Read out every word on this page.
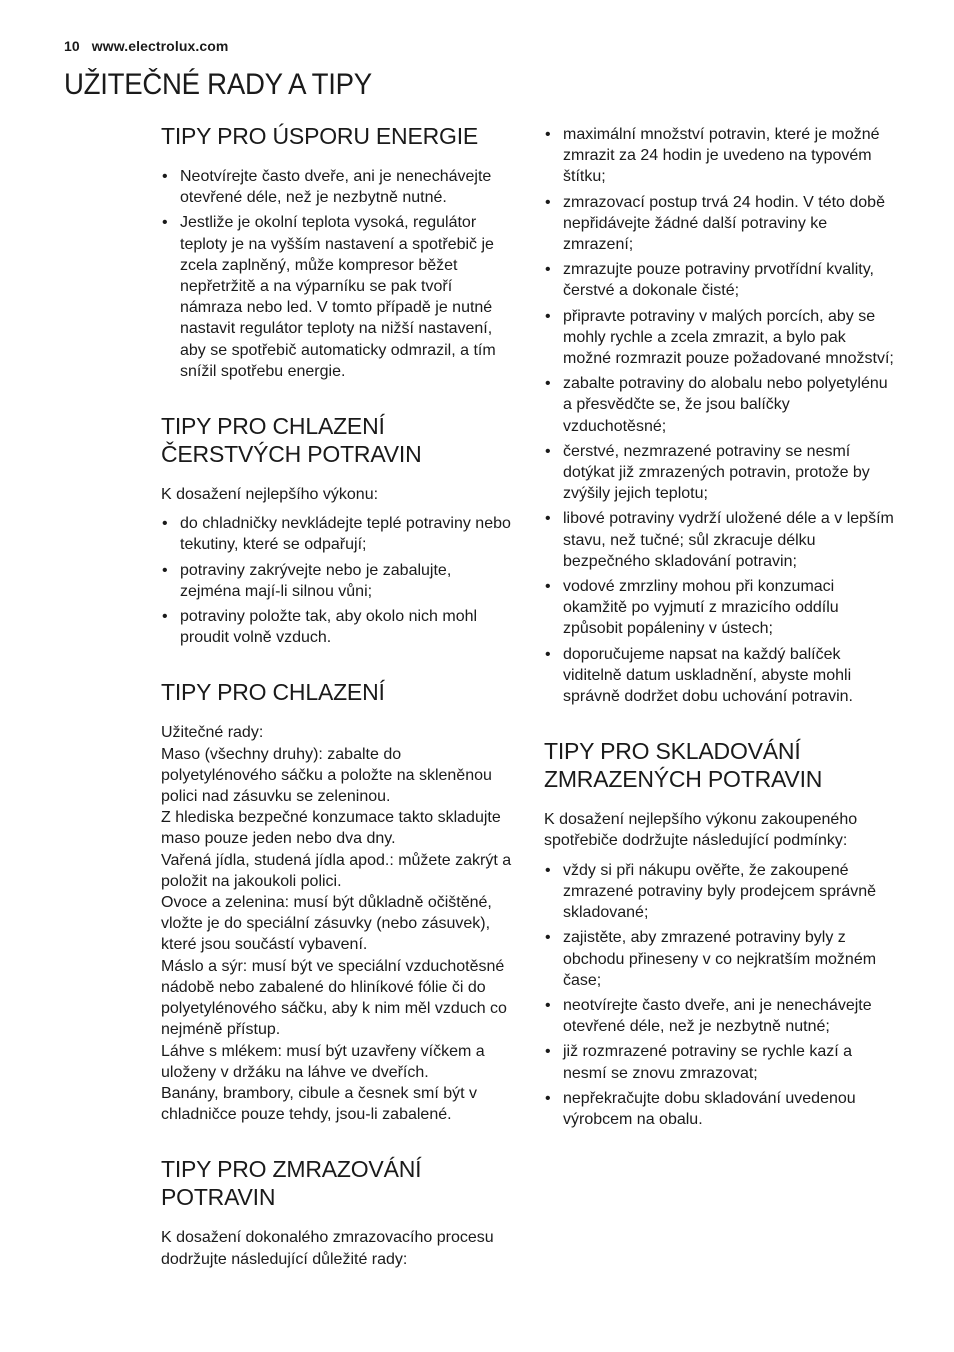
10 www.electrolux.com
UŽITEČNÉ RADY A TIPY
TIPY PRO ÚSPORU ENERGIE
• Neotvírejte často dveře, ani je nenechávejte otevřené déle, než je nezbytně nutné.
• Jestliže je okolní teplota vysoká, regulátor teploty je na vyšším nastavení a spotřebič je zcela zaplněný, může kompresor běžet nepřetržitě a na výparníku se pak tvoří námraza nebo led. V tomto případě je nutné nastavit regulátor teploty na nižší nastavení, aby se spotřebič automaticky odmrazil, a tím snížil spotřebu energie.
TIPY PRO CHLAZENÍ ČERSTVÝCH POTRAVIN

K dosažení nejlepšího výkonu:

• do chladničky nevkládejte teplé potraviny nebo tekutiny, které se odpařují;
• potraviny zakrývejte nebo je zabalujte, zejména mají-li silnou vůni;
• potraviny položte tak, aby okolo nich mohl proudit volně vzduch.
TIPY PRO CHLAZENÍ

Užitečné rady:
Maso (všechny druhy): zabalte do polyetylénového sáčku a položte na skleněnou polici nad zásuvku se zeleninou.
Z hlediska bezpečné konzumace takto skladujte maso pouze jeden nebo dva dny.
Vařená jídla, studená jídla apod.: můžete zakrýt a položit na jakoukoli polici.
Ovoce a zelenina: musí být důkladně očištěné, vložte je do speciální zásuvky (nebo zásuvek), které jsou součástí vybavení.
Máslo a sýr: musí být ve speciální vzduchotěsné nádobě nebo zabalené do hliníkové fólie či do polyetylénového sáčku, aby k nim měl vzduch co nejméně přístup.
Láhve s mlékem: musí být uzavřeny víčkem a uloženy v držáku na láhve ve dveřích.
Banány, brambory, cibule a česnek smí být v chladničce pouze tehdy, jsou-li zabalené.

TIPY PRO ZMRAZOVÁNÍ POTRAVIN

K dosažení dokonalého zmrazovacího procesu dodržujte následující důležité rady:

• maximální množství potravin, které je možné zmrazit za 24 hodin je uvedeno na typovém štítku;
• zmrazovací postup trvá 24 hodin. V této době nepřidávejte žádné další potraviny ke zmrazení;
• zmrazujte pouze potraviny prvotřídní kvality, čerstvé a dokonale čisté;
• připravte potraviny v malých porcích, aby se mohly rychle a zcela zmrazit, a bylo pak možné rozmrazit pouze požadované množství;
• zabalte potraviny do alobalu nebo polyetylénu a přesvědčte se, že jsou balíčky vzduchotěsné;
• čerstvé, nezmrazené potraviny se nesmí dotýkat již zmrazených potravin, protože by zvýšily jejich teplotu;
• libové potraviny vydrží uložené déle a v lepším stavu, než tučné; sůl zkracuje délku bezpečného skladování potravin;
• vodové zmrzliny mohou při konzumaci okamžitě po vyjmutí z mrazicího oddílu způsobit popáleniny v ústech;
• doporučujeme napsat na každý balíček viditelně datum uskladnění, abyste mohli správně dodržet dobu uchování potravin.
TIPY PRO SKLADOVÁNÍ ZMRAZENÝCH POTRAVIN

K dosažení nejlepšího výkonu zakoupeného spotřebiče dodržujte následující podmínky:

• vždy si při nákupu ověřte, že zakoupené zmrazené potraviny byly prodejcem správně skladované;
• zajistěte, aby zmrazené potraviny byly z obchodu přineseny v co nejkratším možném čase;
• neotvírejte často dveře, ani je nenechávejte otevřené déle, než je nezbytně nutné;
• již rozmrazené potraviny se rychle kazí a nesmí se znovu zmrazovat;
• nepřekračujte dobu skladování uvedenou výrobcem na obalu.
